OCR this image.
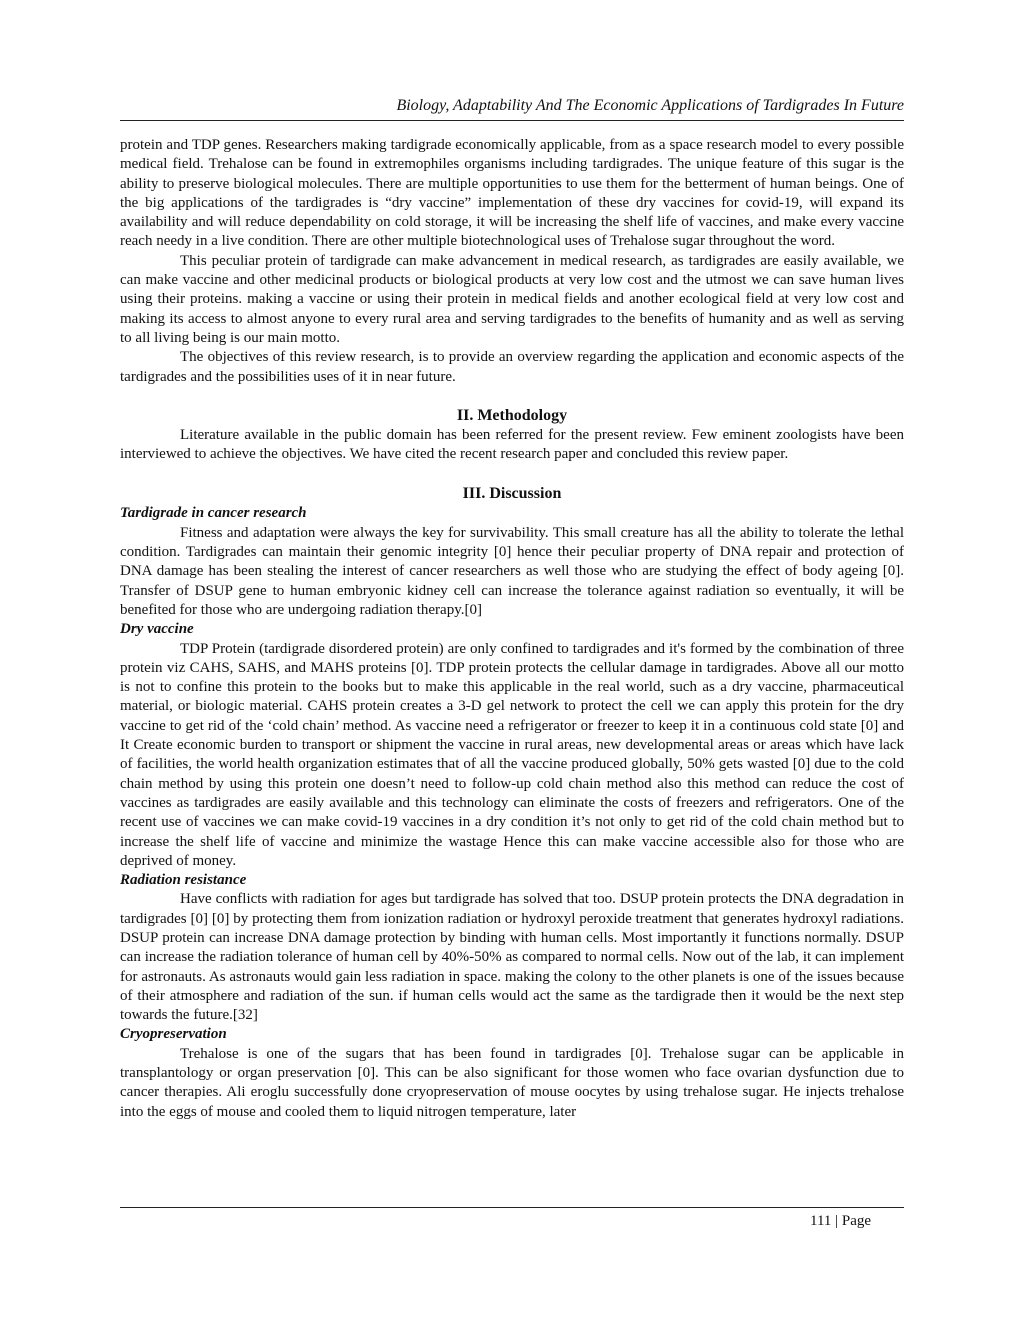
Biology, Adaptability And The Economic Applications of Tardigrades In Future

protein and TDP genes. Researchers making tardigrade economically applicable, from as a space research model to every possible medical field. Trehalose can be found in extremophiles organisms including tardigrades. The unique feature of this sugar is the ability to preserve biological molecules. There are multiple opportunities to use them for the betterment of human beings. One of the big applications of the tardigrades is “dry vaccine” implementation of these dry vaccines for covid-19, will expand its availability and will reduce dependability on cold storage, it will be increasing the shelf life of vaccines, and make every vaccine reach needy in a live condition. There are other multiple biotechnological uses of Trehalose sugar throughout the word.

This peculiar protein of tardigrade can make advancement in medical research, as tardigrades are easily available, we can make vaccine and other medicinal products or biological products at very low cost and the utmost we can save human lives using their proteins. making a vaccine or using their protein in medical fields and another ecological field at very low cost and making its access to almost anyone to every rural area and serving tardigrades to the benefits of humanity and as well as serving to all living being is our main motto.

The objectives of this review research, is to provide an overview regarding the application and economic aspects of the tardigrades and the possibilities uses of it in near future.

II. Methodology

Literature available in the public domain has been referred for the present review. Few eminent zoologists have been interviewed to achieve the objectives. We have cited the recent research paper and concluded this review paper.

III. Discussion
Tardigrade in cancer research

Fitness and adaptation were always the key for survivability. This small creature has all the ability to tolerate the lethal condition. Tardigrades can maintain their genomic integrity [0] hence their peculiar property of DNA repair and protection of DNA damage has been stealing the interest of cancer researchers as well those who are studying the effect of body ageing [0]. Transfer of DSUP gene to human embryonic kidney cell can increase the tolerance against radiation so eventually, it will be benefited for those who are undergoing radiation therapy.[0]

Dry vaccine

TDP Protein (tardigrade disordered protein) are only confined to tardigrades and it's formed by the combination of three protein viz CAHS, SAHS, and MAHS proteins [0]. TDP protein protects the cellular damage in tardigrades. Above all our motto is not to confine this protein to the books but to make this applicable in the real world, such as a dry vaccine, pharmaceutical material, or biologic material. CAHS protein creates a 3-D gel network to protect the cell we can apply this protein for the dry vaccine to get rid of the ‘cold chain’ method. As vaccine need a refrigerator or freezer to keep it in a continuous cold state [0] and It Create economic burden to transport or shipment the vaccine in rural areas, new developmental areas or areas which have lack of facilities, the world health organization estimates that of all the vaccine produced globally, 50% gets wasted [0] due to the cold chain method by using this protein one doesn’t need to follow-up cold chain method also this method can reduce the cost of vaccines as tardigrades are easily available and this technology can eliminate the costs of freezers and refrigerators. One of the recent use of vaccines we can make covid-19 vaccines in a dry condition it’s not only to get rid of the cold chain method but to increase the shelf life of vaccine and minimize the wastage Hence this can make vaccine accessible also for those who are deprived of money.

Radiation resistance

Have conflicts with radiation for ages but tardigrade has solved that too. DSUP protein protects the DNA degradation in tardigrades [0] [0] by protecting them from ionization radiation or hydroxyl peroxide treatment that generates hydroxyl radiations. DSUP protein can increase DNA damage protection by binding with human cells. Most importantly it functions normally. DSUP can increase the radiation tolerance of human cell by 40%-50% as compared to normal cells. Now out of the lab, it can implement for astronauts. As astronauts would gain less radiation in space. making the colony to the other planets is one of the issues because of their atmosphere and radiation of the sun. if human cells would act the same as the tardigrade then it would be the next step towards the future.[32]

Cryopreservation

Trehalose is one of the sugars that has been found in tardigrades [0]. Trehalose sugar can be applicable in transplantology or organ preservation [0]. This can be also significant for those women who face ovarian dysfunction due to cancer therapies. Ali eroglu successfully done cryopreservation of mouse oocytes by using trehalose sugar. He injects trehalose into the eggs of mouse and cooled them to liquid nitrogen temperature, later

111 | Page
